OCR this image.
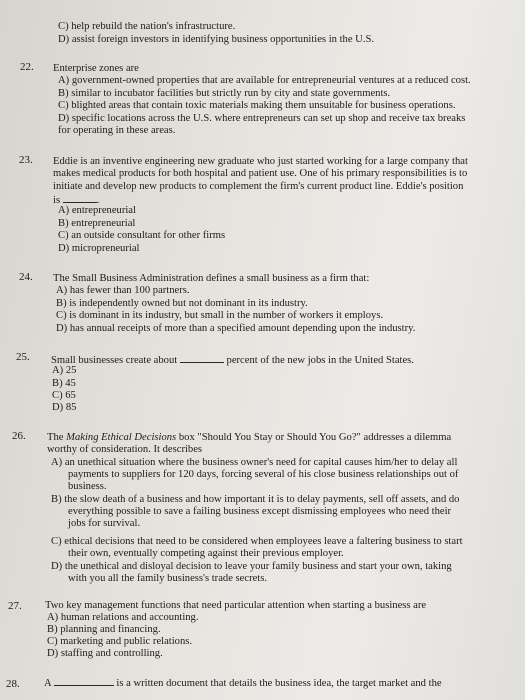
C) help rebuild the nation's infrastructure.
D) assist foreign investors in identifying business opportunities in the U.S.
22. Enterprise zones are
A) government-owned properties that are available for entrepreneurial ventures at a reduced cost.
B) similar to incubator facilities but strictly run by city and state governments.
C) blighted areas that contain toxic materials making them unsuitable for business operations.
D) specific locations across the U.S. where entrepreneurs can set up shop and receive tax breaks
for operating in these areas.
23. Eddie is an inventive engineering new graduate who just started working for a large company that
makes medical products for both hospital and patient use. One of his primary responsibilities is to
initiate and develop new products to complement the firm's current product line. Eddie's position
is	.
A) entrepreneurial
B) entrepreneurial
C) an outside consultant for other firms
D) micropreneurial
24. The Small Business Administration defines a small business as a firm that:
A) has fewer than 100 partners.
B) is independently owned but not dominant in its industry.
C) is dominant in its industry, but small in the number of workers it employs.
D) has annual receipts of more than a specified amount depending upon the industry.
25. Small businesses create about	percent of the new jobs in the United States.
A) 25
B) 45
C) 65
D) 85
26. The Making Ethical Decisions box "Should You Stay or Should You Go?" addresses a dilemma
worthy of consideration. It describes
A) an unethical situation where the business owner's need for capital causes him/her to delay all
payments to suppliers for 120 days, forcing several of his close business relationships out of
business.
B) the slow death of a business and how important it is to delay payments, sell off assets, and do
everything possible to save a failing business except dismissing employees who need their
jobs for survival.
C) ethical decisions that need to be considered when employees leave a faltering business to start
their own, eventually competing against their previous employer.
D) the unethical and disloyal decision to leave your family business and start your own, taking
with you all the family business's trade secrets.
27. Two key management functions that need particular attention when starting a business are
A) human relations and accounting.
B) planning and financing.
C) marketing and public relations.
D) staffing and controlling.
28. A	is a written document that details the business idea, the target market and the
